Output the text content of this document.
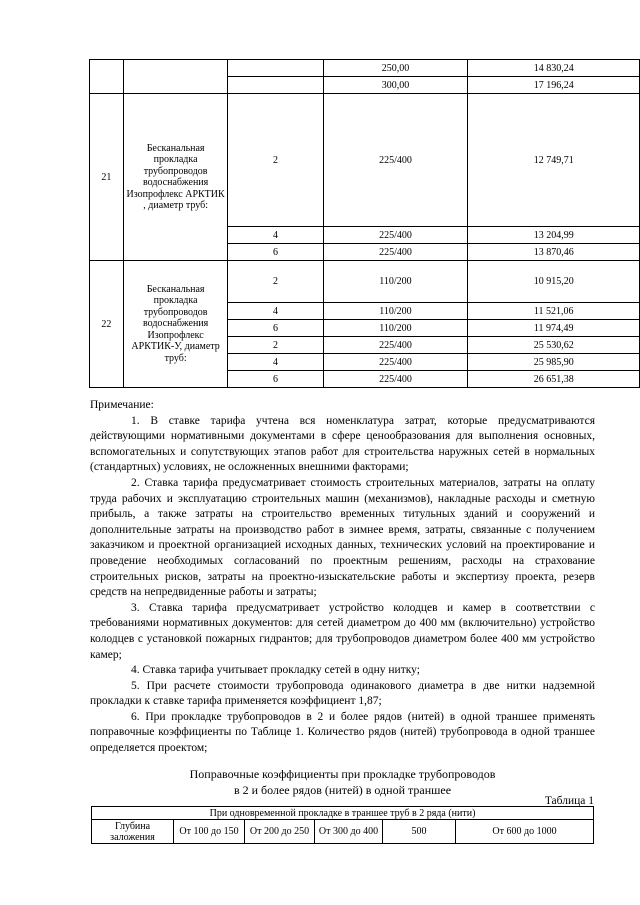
			250,00	14 830,24
			300,00	17 196,24
21	Бесканальная прокладка трубопроводов водоснабжения Изопрофлекс АРКТИК , диаметр труб:	2	225/400	12 749,71
		4	225/400	13 204,99
		6	225/400	13 870,46
22	Бесканальная прокладка трубопроводов водоснабжения Изопрофлекс АРКТИК-У, диаметр труб:	2	110/200	10 915,20
		4	110/200	11 521,06
		6	110/200	11 974,49
		2	225/400	25 530,62
		4	225/400	25 985,90
		6	225/400	26 651,38

Примечание:

1. В ставке тарифа учтена вся номенклатура затрат, которые предусматриваются действующими нормативными документами в сфере ценообразования для выполнения основных, вспомогательных и сопутствующих этапов работ для строительства наружных сетей в нормальных (стандартных) условиях, не осложненных внешними факторами;

2. Ставка тарифа предусматривает стоимость строительных материалов, затраты на оплату труда рабочих и эксплуатацию строительных машин (механизмов), накладные расходы и сметную прибыль, а также затраты на строительство временных титульных зданий и сооружений и дополнительные затраты на производство работ в зимнее время, затраты, связанные с получением заказчиком и проектной организацией исходных данных, технических условий на проектирование и проведение необходимых согласований по проектным решениям, расходы на страхование строительных рисков, затраты на проектно-изыскательские работы и экспертизу проекта, резерв средств на непредвиденные работы и затраты;

3. Ставка тарифа предусматривает устройство колодцев и камер в соответствии с требованиями нормативных документов: для сетей диаметром до 400 мм (включительно) устройство колодцев с установкой пожарных гидрантов; для трубопроводов диаметром более 400 мм устройство камер;

4. Ставка тарифа учитывает прокладку сетей в одну нитку;

5. При расчете стоимости трубопровода одинакового диаметра в две нитки надземной прокладки к ставке тарифа применяется коэффициент 1,87;

6. При прокладке трубопроводов в 2 и более рядов (нитей) в одной траншее применять поправочные коэффициенты по Таблице 1. Количество рядов (нитей) трубопровода в одной траншее определяется проектом;

Поправочные коэффициенты при прокладке трубопроводов
в 2 и более рядов (нитей) в одной траншее
Таблица 1
При одновременной прокладке в траншее труб в 2 ряда (нити)
Глубина заложения	От 100 до 150	От 200 до 250	От 300 до 400	500	От 600 до 1000
